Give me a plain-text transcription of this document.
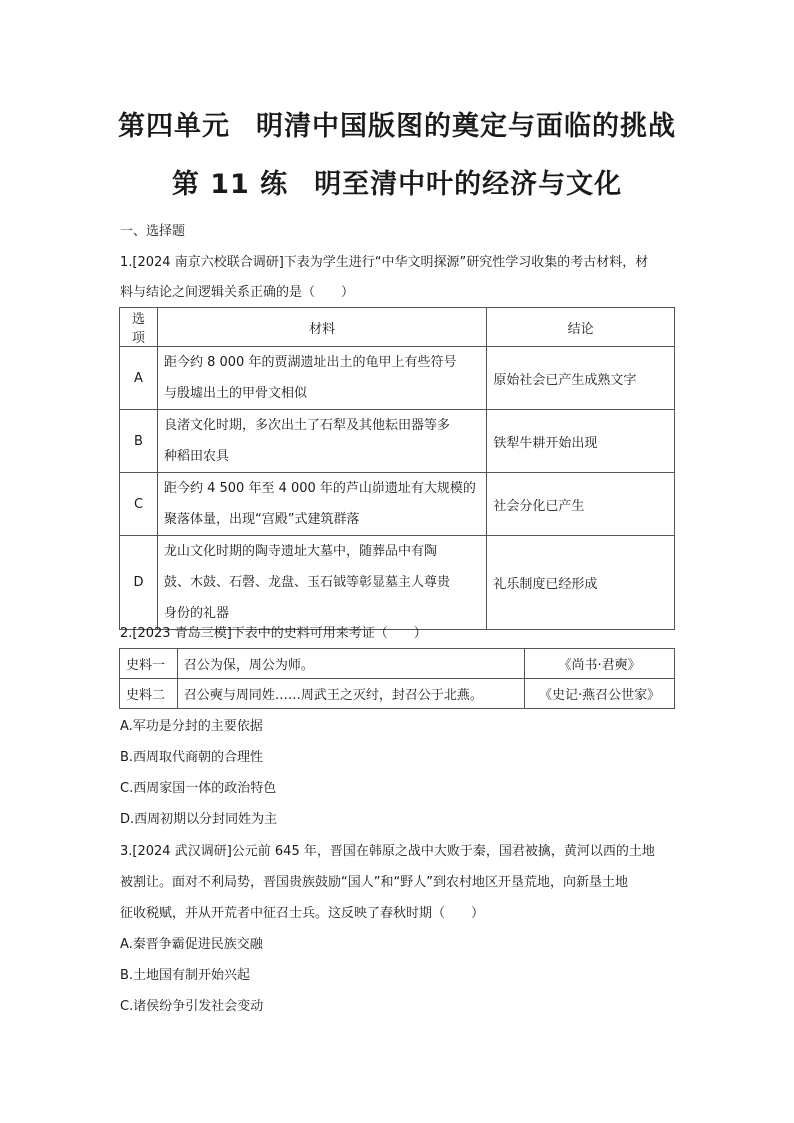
第四单元 明清中国版图的奠定与面临的挑战
第 11 练 明至清中叶的经济与文化
一、选择题
1.[2024 南京六校联合调研]下表为学生进行“中华文明探源”研究性学习收集的考古材料，材
料与结论之间逻辑关系正确的是（　　）
选项	材料	结论
A	距今约 8 000 年的贾湖遗址出土的龟甲上有些符号
与殷墟出土的甲骨文相似	原始社会已产生成熟文字
B	良渚文化时期，多次出土了石犁及其他耘田器等多
种稻田农具	铁犁牛耕开始出现
C	距今约 4 500 年至 4 000 年的芦山峁遗址有大规模的
聚落体量，出现“宫殿”式建筑群落	社会分化已产生
D	龙山文化时期的陶寺遗址大墓中，随葬品中有陶
鼓、木鼓、石磬、龙盘、玉石钺等彰显墓主人尊贵
身份的礼器	礼乐制度已经形成
2.[2023 青岛三模]下表中的史料可用来考证（　　）
史料一	召公为保，周公为师。	《尚书·君奭》
史料二	召公奭与周同姓……周武王之灭纣，封召公于北燕。	《史记·燕召公世家》
A.军功是分封的主要依据
B.西周取代商朝的合理性
C.西周家国一体的政治特色
D.西周初期以分封同姓为主
3.[2024 武汉调研]公元前 645 年，晋国在韩原之战中大败于秦，国君被擒，黄河以西的土地
被割让。面对不利局势，晋国贵族鼓励“国人”和“野人”到农村地区开垦荒地，向新垦土地
征收税赋，并从开荒者中征召士兵。这反映了春秋时期（　　）
A.秦晋争霸促进民族交融
B.土地国有制开始兴起
C.诸侯纷争引发社会变动
